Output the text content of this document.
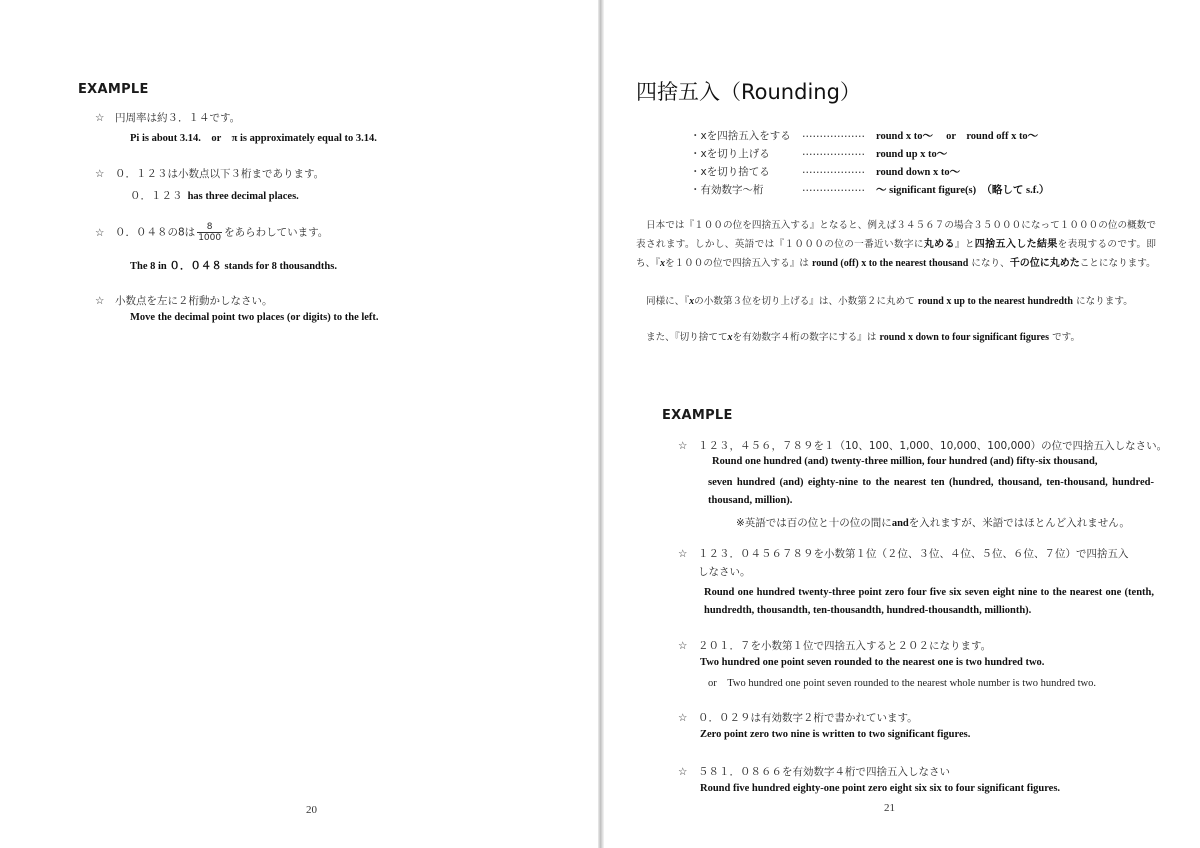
EXAMPLE
☆ 円周率は約３．１４です。
Pi is about 3.14.　or　π is approximately equal to 3.14.
☆ ０．１２３は小数点以下３桁まであります。
０．１２３ has three decimal places.
☆ ０．０４８の8は $\frac{8}{1000}$ をあらわしています。
The 8 in ０．０４８ stands for 8 thousandths.
☆ 小数点を左に２桁動かしなさい。
Move the decimal point two places (or digits) to the left.
20
四捨五入（Rounding）
・xを四捨五入をする ……………… round x to〜　 or　round off x to〜
・xを切り上げる	……………… round up x to〜
・xを切り捨てる	……………… round down x to〜
・有効数字〜桁	……………… 〜 significant figure(s)　（略して s.f.）
日本では『１００の位を四捨五入する』となると、例えば３４５６７の場合３５０００になって１０００の位の概数で表されます。しかし、英語では『１０００の位の一番近い数字に丸める』と四捨五入した結果を表現するのです。即ち、『xを１００の位で四捨五入する』は round (off) x to the nearest thousand になり、千の位に丸めたことになります。
同様に、『xの小数第３位を切り上げる』は、小数第２に丸めて round x up to the nearest hundredth になります。
また、『切り捨ててxを有効数字４桁の数字にする』は round x down to four significant figures です。
EXAMPLE
☆ １２３，４５６，７８９を１（10、100、1,000、10,000、100,000）の位で四捨五入しなさい。
Round one hundred (and) twenty-three million, four hundred (and) fifty-six thousand,
seven hundred (and) eighty-nine to the nearest ten (hundred, thousand, ten-thousand, hundred-thousand, million).
※英語では百の位と十の位の間にandを入れますが、米語ではほとんど入れません。
☆ １２３．０４５６７８９を小数第１位（２位、３位、４位、５位、６位、７位）で四捨五入
しなさい。
Round one hundred twenty-three point zero four five six seven eight nine to the nearest one (tenth, hundredth, thousandth, ten-thousandth, hundred-thousandth, millionth).
☆ ２０１．７を小数第１位で四捨五入すると２０２になります。
Two hundred one point seven rounded to the nearest one is two hundred two.
or　Two hundred one point seven rounded to the nearest whole number is two hundred two.
☆ ０．０２９は有効数字２桁で書かれています。
Zero point zero two nine is written to two significant figures.
☆ ５８１．０８６６を有効数字４桁で四捨五入しなさい
Round five hundred eighty-one point zero eight six six to four significant figures.
21
